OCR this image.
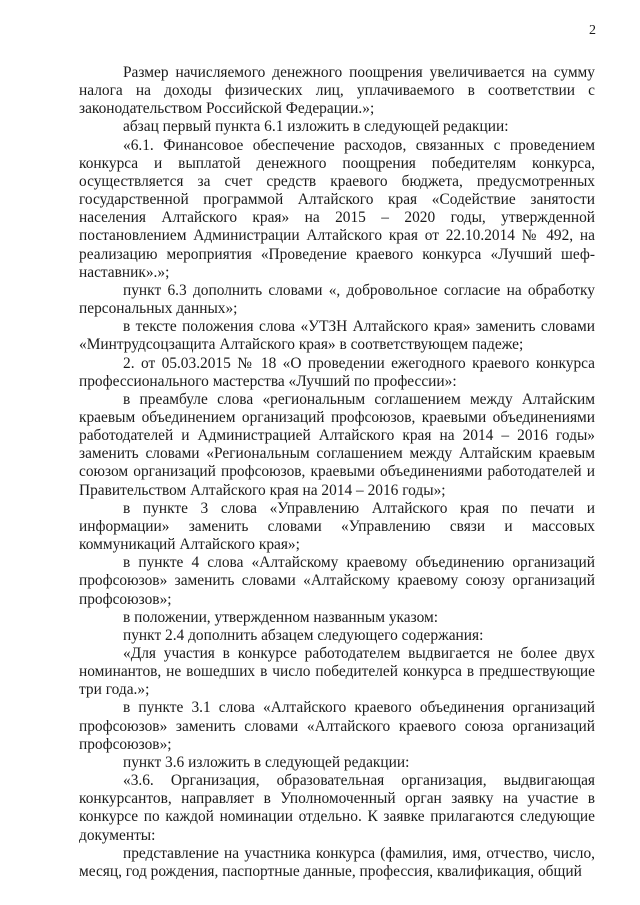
2

Размер начисляемого денежного поощрения увеличивается на сумму налога на доходы физических лиц, уплачиваемого в соответствии с законодательством Российской Федерации.»;

абзац первый пункта 6.1 изложить в следующей редакции:

«6.1. Финансовое обеспечение расходов, связанных с проведением конкурса и выплатой денежного поощрения победителям конкурса, осуществляется за счет средств краевого бюджета, предусмотренных государственной программой Алтайского края «Содействие занятости населения Алтайского края» на 2015 – 2020 годы, утвержденной постановлением Администрации Алтайского края от 22.10.2014 № 492, на реализацию мероприятия «Проведение краевого конкурса «Лучший шеф-наставник».»;

пункт 6.3 дополнить словами «, добровольное согласие на обработку персональных данных»;

в тексте положения слова «УТЗН Алтайского края» заменить словами «Минтрудсоцзащита Алтайского края» в соответствующем падеже;

2. от 05.03.2015 № 18 «О проведении ежегодного краевого конкурса профессионального мастерства «Лучший по профессии»:

в преамбуле слова «региональным соглашением между Алтайским краевым объединением организаций профсоюзов, краевыми объединениями работодателей и Администрацией Алтайского края на 2014 – 2016 годы» заменить словами «Региональным соглашением между Алтайским краевым союзом организаций профсоюзов, краевыми объединениями работодателей и Правительством Алтайского края на 2014 – 2016 годы»;

в пункте 3 слова «Управлению Алтайского края по печати и информации» заменить словами «Управлению связи и массовых коммуникаций Алтайского края»;

в пункте 4 слова «Алтайскому краевому объединению организаций профсоюзов» заменить словами «Алтайскому краевому союзу организаций профсоюзов»;

в положении, утвержденном названным указом:

пункт 2.4 дополнить абзацем следующего содержания:

«Для участия в конкурсе работодателем выдвигается не более двух номинантов, не вошедших в число победителей конкурса в предшествующие три года.»;

в пункте 3.1 слова «Алтайского краевого объединения организаций профсоюзов» заменить словами «Алтайского краевого союза организаций профсоюзов»;

пункт 3.6 изложить в следующей редакции:

«3.6. Организация, образовательная организация, выдвигающая конкурсантов, направляет в Уполномоченный орган заявку на участие в конкурсе по каждой номинации отдельно. К заявке прилагаются следующие документы:

представление на участника конкурса (фамилия, имя, отчество, число, месяц, год рождения, паспортные данные, профессия, квалификация, общий
